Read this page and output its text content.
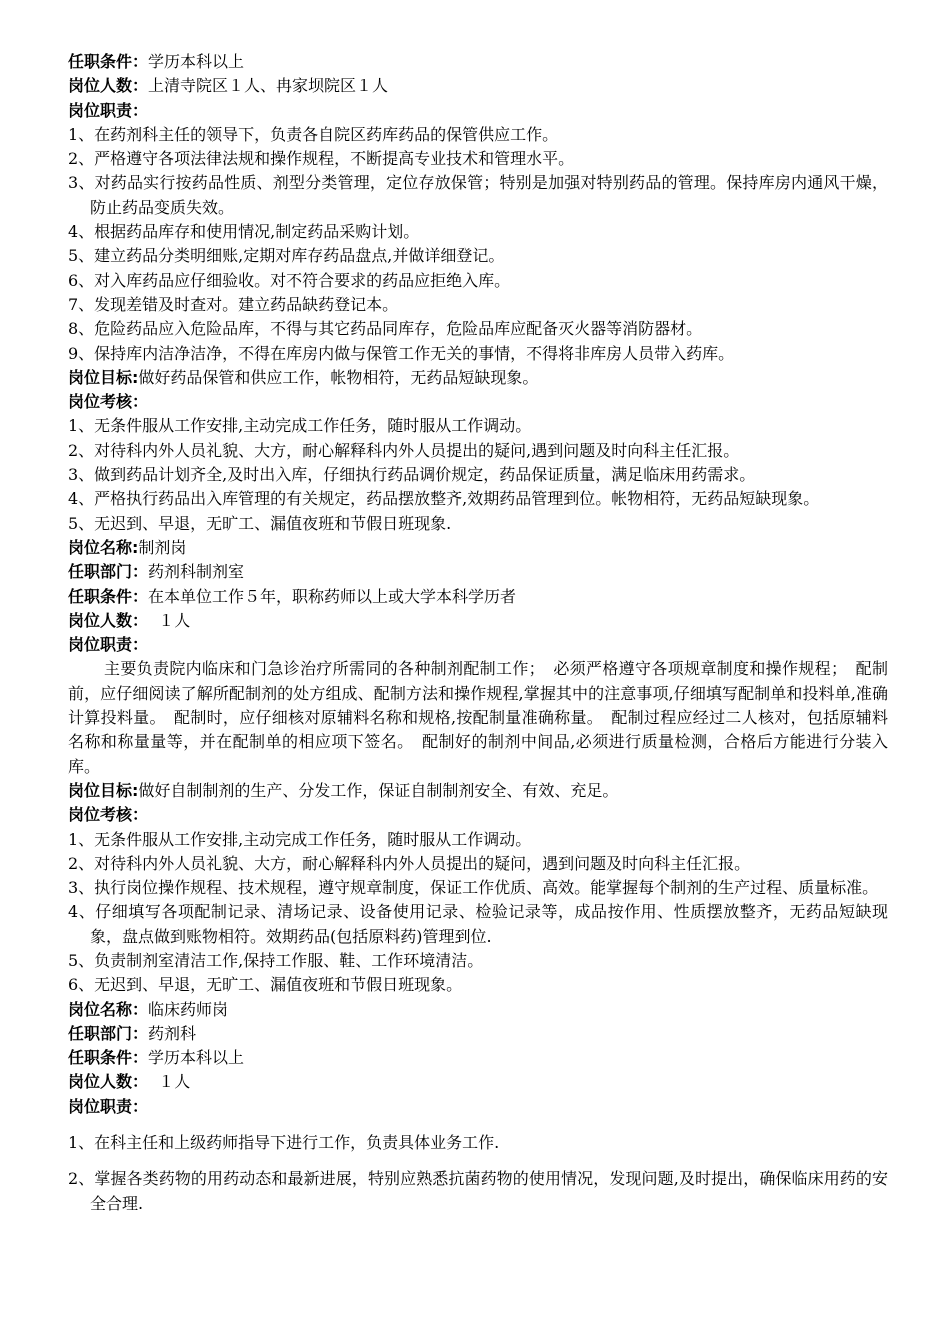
任职条件：学历本科以上
岗位人数：上清寺院区１人、冉家坝院区１人
岗位职责：
1、在药剂科主任的领导下，负责各自院区药库药品的保管供应工作。
2、严格遵守各项法律法规和操作规程，不断提高专业技术和管理水平。
3、对药品实行按药品性质、剂型分类管理，定位存放保管；特别是加强对特别药品的管理。保持库房内通风干燥，防止药品变质失效。
4、根据药品库存和使用情况,制定药品采购计划。
5、建立药品分类明细账,定期对库存药品盘点,并做详细登记。
6、对入库药品应仔细验收。对不符合要求的药品应拒绝入库。
7、发现差错及时查对。建立药品缺药登记本。
8、危险药品应入危险品库，不得与其它药品同库存，危险品库应配备灭火器等消防器材。
9、保持库内洁净洁净，不得在库房内做与保管工作无关的事情，不得将非库房人员带入药库。
岗位目标:做好药品保管和供应工作，帐物相符，无药品短缺现象。
岗位考核：
1、无条件服从工作安排,主动完成工作任务，随时服从工作调动。
2、对待科内外人员礼貌、大方，耐心解释科内外人员提出的疑问,遇到问题及时向科主任汇报。
3、做到药品计划齐全,及时出入库，仔细执行药品调价规定，药品保证质量，满足临床用药需求。
4、严格执行药品出入库管理的有关规定，药品摆放整齐,效期药品管理到位。帐物相符，无药品短缺现象。
5、无迟到、早退，无旷工、漏值夜班和节假日班现象.
岗位名称:制剂岗
任职部门：药剂科制剂室
任职条件：在本单位工作５年，职称药师以上或大学本科学历者
岗位人数： １人
岗位职责：
主要负责院内临床和门急诊治疗所需同的各种制剂配制工作；　必须严格遵守各项规章制度和操作规程；　配制前，应仔细阅读了解所配制剂的处方组成、配制方法和操作规程,掌握其中的注意事项,仔细填写配制单和投料单,准确计算投料量。　配制时，应仔细核对原辅料名称和规格,按配制量准确称量。　配制过程应经过二人核对，包括原辅料名称和称量量等，并在配制单的相应项下签名。　配制好的制剂中间品,必须进行质量检测，合格后方能进行分装入库。
岗位目标:做好自制制剂的生产、分发工作，保证自制制剂安全、有效、充足。
岗位考核：
1、无条件服从工作安排,主动完成工作任务，随时服从工作调动。
2、对待科内外人员礼貌、大方，耐心解释科内外人员提出的疑问，遇到问题及时向科主任汇报。
3、执行岗位操作规程、技术规程，遵守规章制度，保证工作优质、高效。能掌握每个制剂的生产过程、质量标准。
4、仔细填写各项配制记录、清场记录、设备使用记录、检验记录等，成品按作用、性质摆放整齐，无药品短缺现象，盘点做到账物相符。效期药品(包括原料药)管理到位.
5、负责制剂室清洁工作,保持工作服、鞋、工作环境清洁。
6、无迟到、早退，无旷工、漏值夜班和节假日班现象。
岗位名称：临床药师岗
任职部门：药剂科
任职条件：学历本科以上
岗位人数： １人
岗位职责：
1、在科主任和上级药师指导下进行工作，负责具体业务工作.
2、掌握各类药物的用药动态和最新进展，特别应熟悉抗菌药物的使用情况，发现问题,及时提出，确保临床用药的安全合理.
